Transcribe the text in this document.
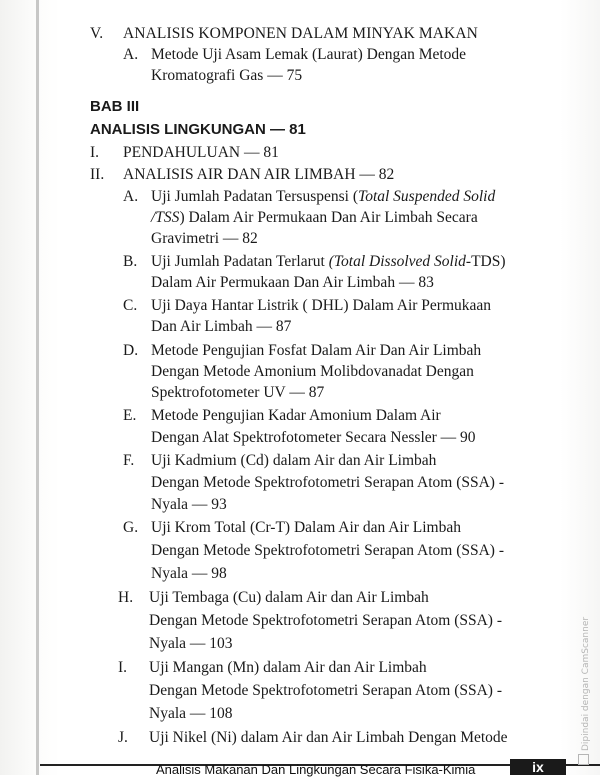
V. ANALISIS KOMPONEN DALAM MINYAK MAKAN
A. Metode Uji Asam Lemak (Laurat) Dengan Metode
Kromatografi Gas — 75
BAB III
ANALISIS LINGKUNGAN — 81
I. PENDAHULUAN — 81
II. ANALISIS AIR DAN AIR LIMBAH — 82
A. Uji Jumlah Padatan Tersuspensi (Total Suspended Solid
/TSS) Dalam Air Permukaan Dan Air Limbah Secara
Gravimetri — 82
B. Uji Jumlah Padatan Terlarut (Total Dissolved Solid-TDS)
Dalam Air Permukaan Dan Air Limbah — 83
C. Uji Daya Hantar Listrik ( DHL) Dalam Air Permukaan
Dan Air Limbah — 87
D. Metode Pengujian Fosfat Dalam Air Dan Air Limbah
Dengan Metode Amonium Molibdovanadat Dengan
Spektrofotometer UV — 87
E. Metode Pengujian Kadar Amonium Dalam Air
Dengan Alat Spektrofotometer Secara Nessler — 90
F. Uji Kadmium (Cd) dalam Air dan Air Limbah
Dengan Metode Spektrofotometri Serapan Atom (SSA) -
Nyala — 93
G. Uji Krom Total (Cr-T) Dalam Air dan Air Limbah
Dengan Metode Spektrofotometri Serapan Atom (SSA) -
Nyala — 98
H. Uji Tembaga (Cu) dalam Air dan Air Limbah
Dengan Metode Spektrofotometri Serapan Atom (SSA) -
Nyala — 103
I. Uji Mangan (Mn) dalam Air dan Air Limbah
Dengan Metode Spektrofotometri Serapan Atom (SSA) -
Nyala — 108
J. Uji Nikel (Ni) dalam Air dan Air Limbah Dengan Metode
Analisis Makanan Dan Lingkungan Secara Fisika-Kimia	ix
Dipindai dengan CamScanner
